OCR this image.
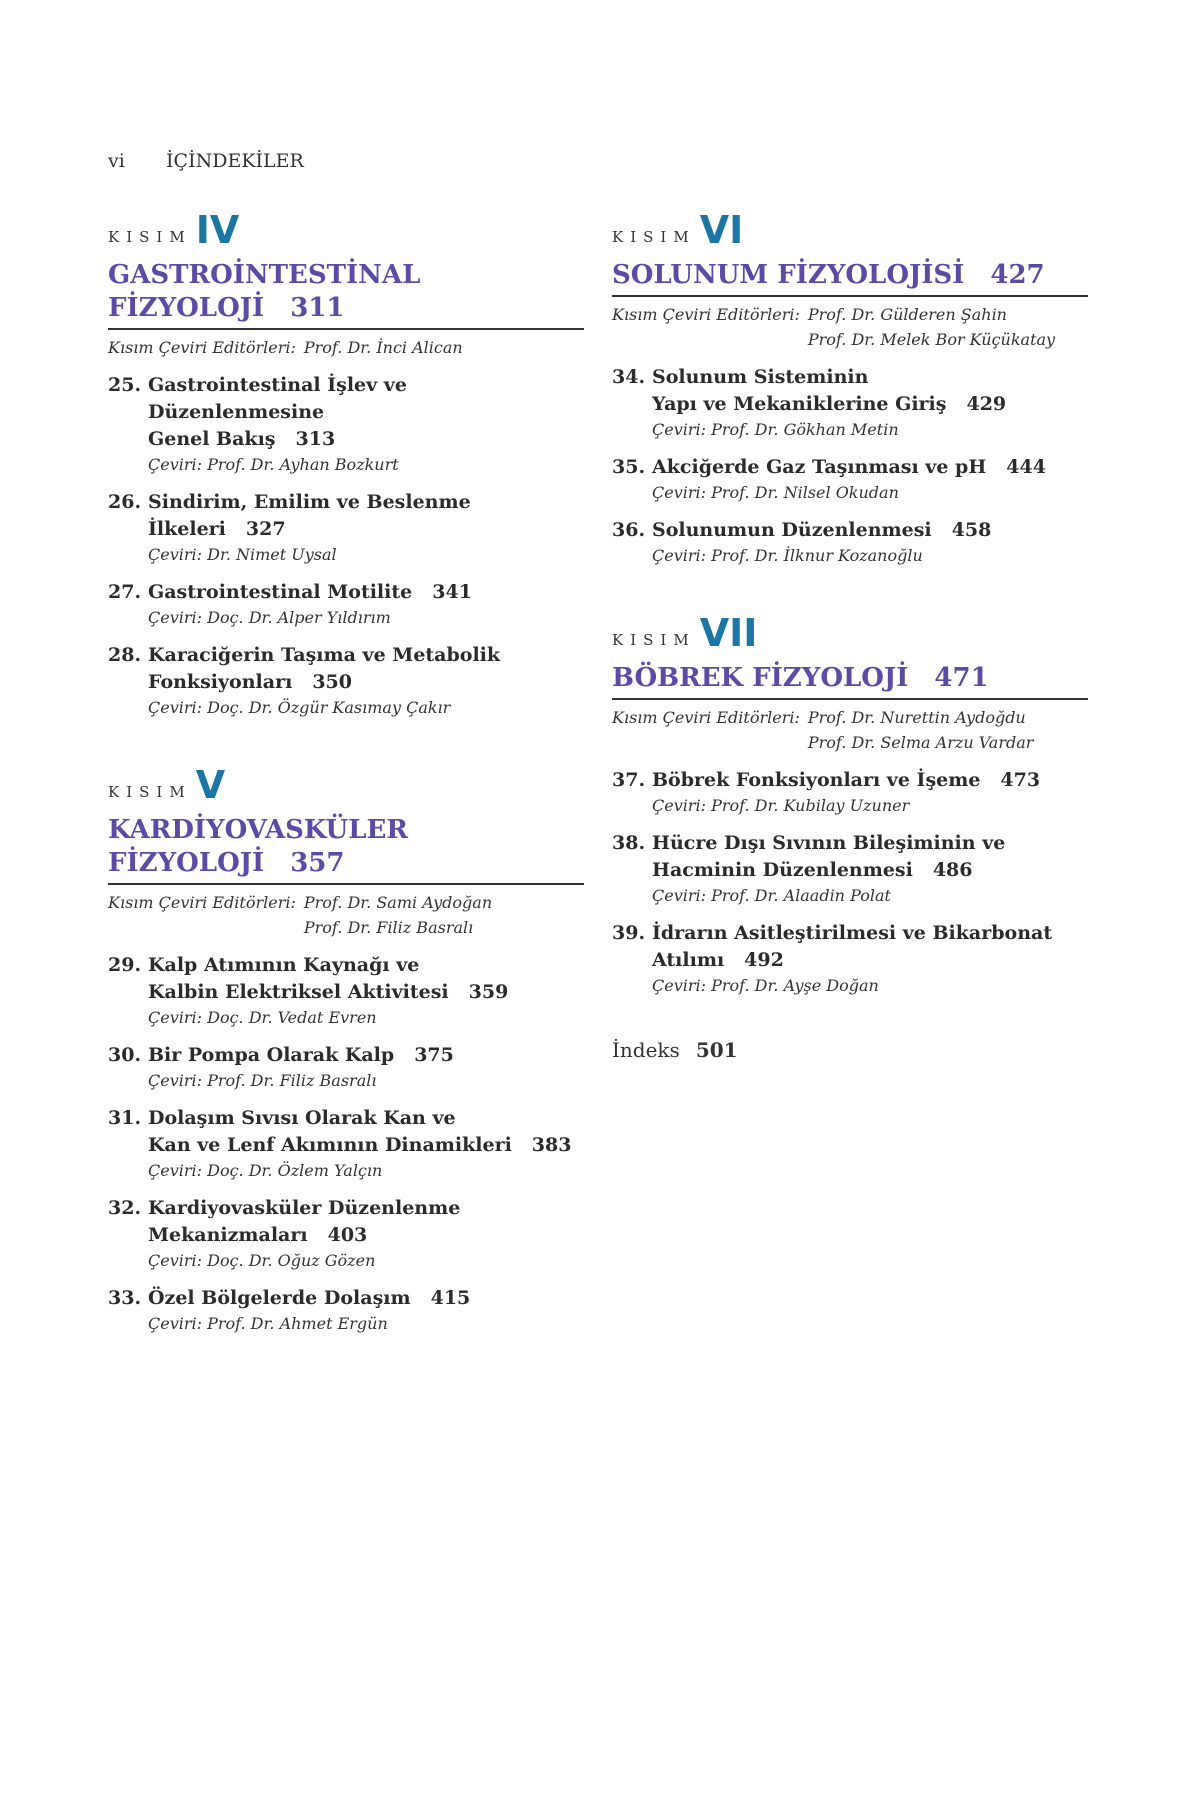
vi İÇİNDEKİLER
KISIM IV
GASTROİNTESTİNAL
FİZYOLOJİ 311
Kısım Çeviri Editörleri: Prof. Dr. İnci Alican
25. Gastrointestinal İşlev ve Düzenlenmesine
Genel Bakış 313
Çeviri: Prof. Dr. Ayhan Bozkurt
26. Sindirim, Emilim ve Beslenme İlkeleri 327
Çeviri: Dr. Nimet Uysal
27. Gastrointestinal Motilite 341
Çeviri: Doç. Dr. Alper Yıldırım
28. Karaciğerin Taşıma ve Metabolik
Fonksiyonları 350
Çeviri: Doç. Dr. Özgür Kasımay Çakır
KISIM V
KARDİYOVASKÜLER
FİZYOLOJİ 357
Kısım Çeviri Editörleri: Prof. Dr. Sami Aydoğan
Prof. Dr. Filiz Basralı
29. Kalp Atımının Kaynağı ve
Kalbin Elektriksel Aktivitesi 359
Çeviri: Doç. Dr. Vedat Evren
30. Bir Pompa Olarak Kalp 375
Çeviri: Prof. Dr. Filiz Basralı
31. Dolaşım Sıvısı Olarak Kan ve
Kan ve Lenf Akımının Dinamikleri 383
Çeviri: Doç. Dr. Özlem Yalçın
32. Kardiyovasküler Düzenlenme
Mekanizmaları 403
Çeviri: Doç. Dr. Oğuz Gözen
33. Özel Bölgelerde Dolaşım 415
Çeviri: Prof. Dr. Ahmet Ergün
KISIM VI
SOLUNUM FİZYOLOJİSİ 427
Kısım Çeviri Editörleri: Prof. Dr. Gülderen Şahin
Prof. Dr. Melek Bor Küçükatay
34. Solunum Sisteminin
Yapı ve Mekaniklerine Giriş 429
Çeviri: Prof. Dr. Gökhan Metin
35. Akciğerde Gaz Taşınması ve pH 444
Çeviri: Prof. Dr. Nilsel Okudan
36. Solunumun Düzenlenmesi 458
Çeviri: Prof. Dr. İlknur Kozanoğlu
KISIM VII
BÖBREK FİZYOLOJİ 471
Kısım Çeviri Editörleri: Prof. Dr. Nurettin Aydoğdu
Prof. Dr. Selma Arzu Vardar
37. Böbrek Fonksiyonları ve İşeme 473
Çeviri: Prof. Dr. Kubilay Uzuner
38. Hücre Dışı Sıvının Bileşiminin ve
Hacminin Düzenlenmesi 486
Çeviri: Prof. Dr. Alaadin Polat
39. İdrarın Asitleştirilmesi ve Bikarbonat
Atılımı 492
Çeviri: Prof. Dr. Ayşe Doğan
İndeks 501
